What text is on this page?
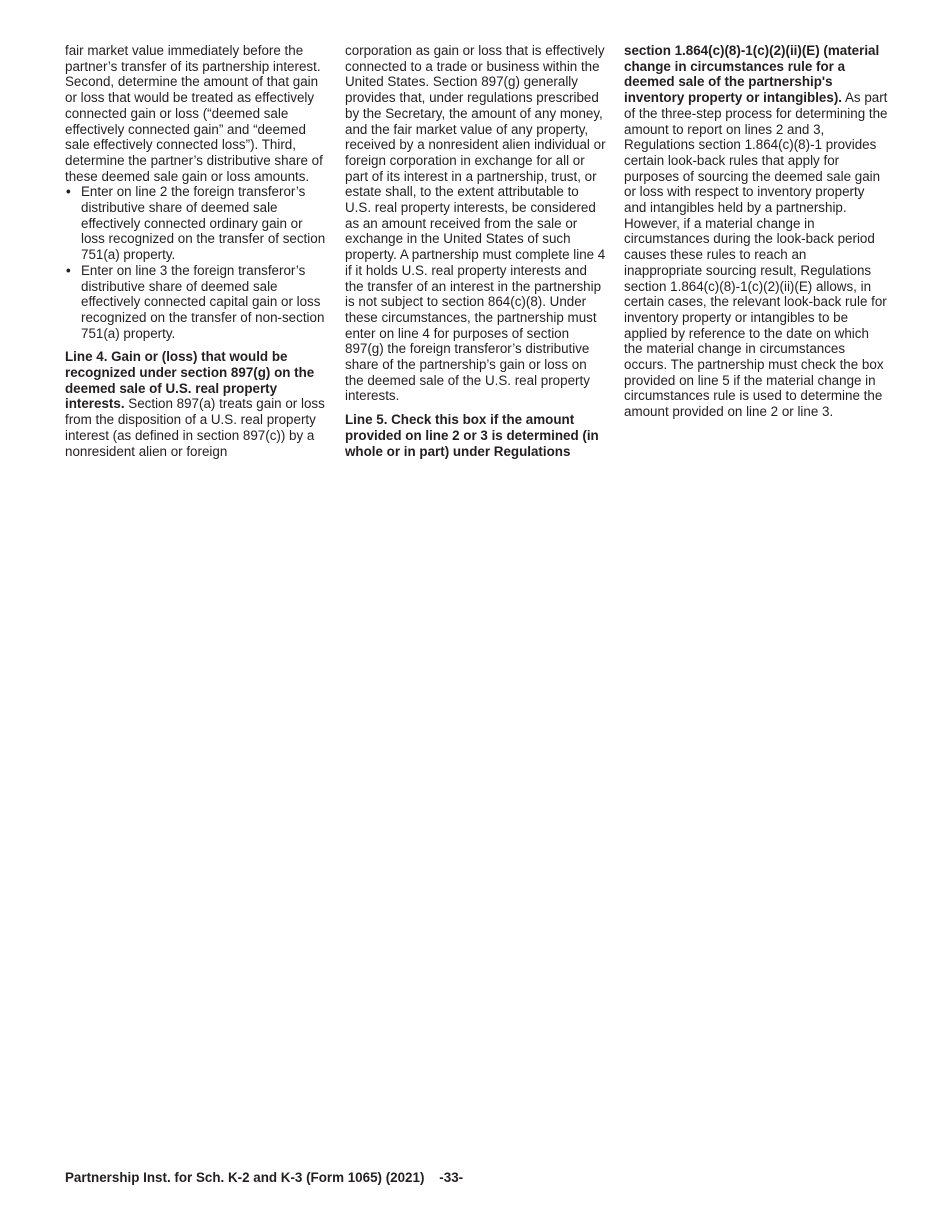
fair market value immediately before the partner’s transfer of its partnership interest. Second, determine the amount of that gain or loss that would be treated as effectively connected gain or loss (“deemed sale effectively connected gain” and “deemed sale effectively connected loss”). Third, determine the partner’s distributive share of these deemed sale gain or loss amounts.

• Enter on line 2 the foreign transferor’s distributive share of deemed sale effectively connected ordinary gain or loss recognized on the transfer of section 751(a) property.

• Enter on line 3 the foreign transferor’s distributive share of deemed sale effectively connected capital gain or loss recognized on the transfer of non-section 751(a) property.

Line 4. Gain or (loss) that would be recognized under section 897(g) on the deemed sale of U.S. real property interests. Section 897(a) treats gain or loss from the disposition of a U.S. real property interest (as defined in section 897(c)) by a nonresident alien or foreign

corporation as gain or loss that is effectively connected to a trade or business within the United States. Section 897(g) generally provides that, under regulations prescribed by the Secretary, the amount of any money, and the fair market value of any property, received by a nonresident alien individual or foreign corporation in exchange for all or part of its interest in a partnership, trust, or estate shall, to the extent attributable to U.S. real property interests, be considered as an amount received from the sale or exchange in the United States of such property. A partnership must complete line 4 if it holds U.S. real property interests and the transfer of an interest in the partnership is not subject to section 864(c)(8). Under these circumstances, the partnership must enter on line 4 for purposes of section 897(g) the foreign transferor’s distributive share of the partnership’s gain or loss on the deemed sale of the U.S. real property interests.

Line 5. Check this box if the amount provided on line 2 or 3 is determined (in whole or in part) under Regulations

section 1.864(c)(8)-1(c)(2)(ii)(E) (material change in circumstances rule for a deemed sale of the partnership's inventory property or intangibles). As part of the three-step process for determining the amount to report on lines 2 and 3, Regulations section 1.864(c)(8)-1 provides certain look-back rules that apply for purposes of sourcing the deemed sale gain or loss with respect to inventory property and intangibles held by a partnership. However, if a material change in circumstances during the look-back period causes these rules to reach an inappropriate sourcing result, Regulations section 1.864(c)(8)-1(c)(2)(ii)(E) allows, in certain cases, the relevant look-back rule for inventory property or intangibles to be applied by reference to the date on which the material change in circumstances occurs. The partnership must check the box provided on line 5 if the material change in circumstances rule is used to determine the amount provided on line 2 or line 3.

Partnership Inst. for Sch. K-2 and K-3 (Form 1065) (2021) -33-
